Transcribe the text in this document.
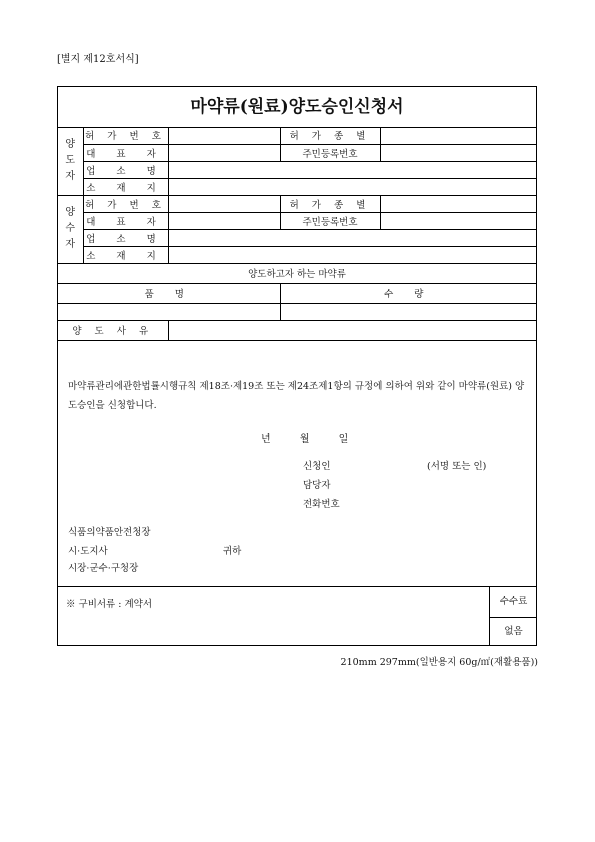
[별지 제12호서식]
마약류(원료)양도승인신청서
양
도
자	허 가 번 호		허 가 종 별	
	대 표 자		주민등록번호	
	업 소 명			
	소 재 지			

양
수
자	허 가 번 호		허 가 종 별	
	대 표 자		주민등록번호	
	업 소 명			
	소 재 지			
양도하고자 하는 마약류				
품 명			수 량	

양 도 사 유				
마약류관리에관한법률시행규칙 제18조·제19조 또는 제24조제1항의 규정에 의하여 위와 같이 마약류(원료) 양도승인을 신청합니다.
년 월 일
신청인	(서명 또는 인)
담당자
전화번호
식품의약품안전청장
시·도지사	귀하
시장·군수·구청장
※ 구비서류 : 계약서	수수료
없음
210mm 297mm(일반용지 60g/㎡(재활용품))
